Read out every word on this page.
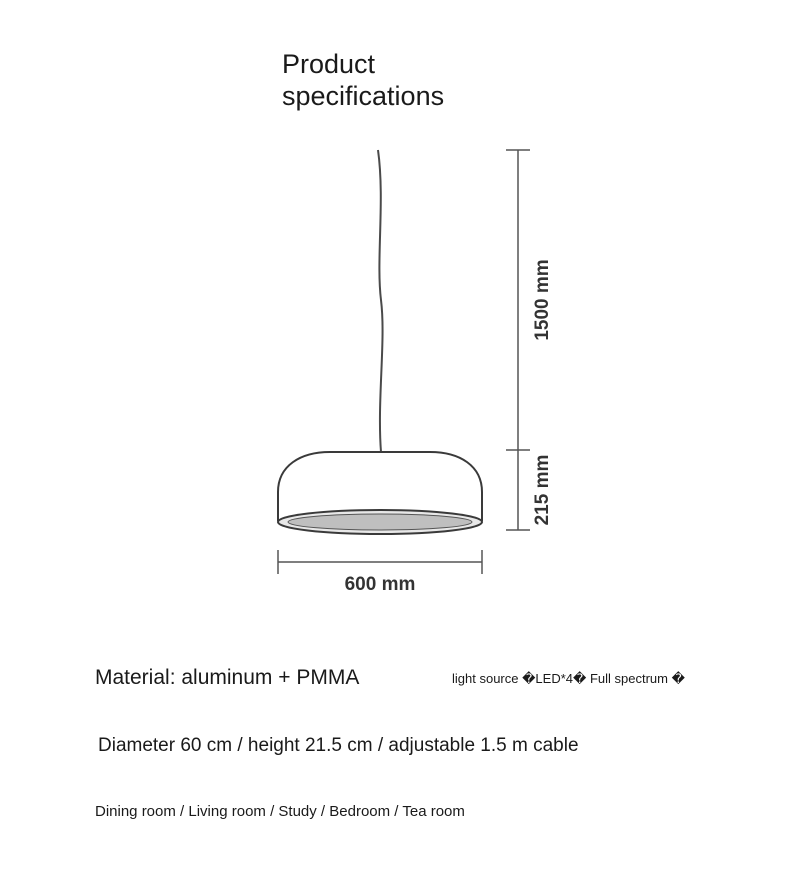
Product
specifications
1500 mm
215 mm
600 mm
Material: aluminum + PMMA	light source �LED*4� Full spectrum �
Diameter 60 cm / height 21.5 cm / adjustable 1.5 m cable
Dining room / Living room / Study / Bedroom / Tea room
